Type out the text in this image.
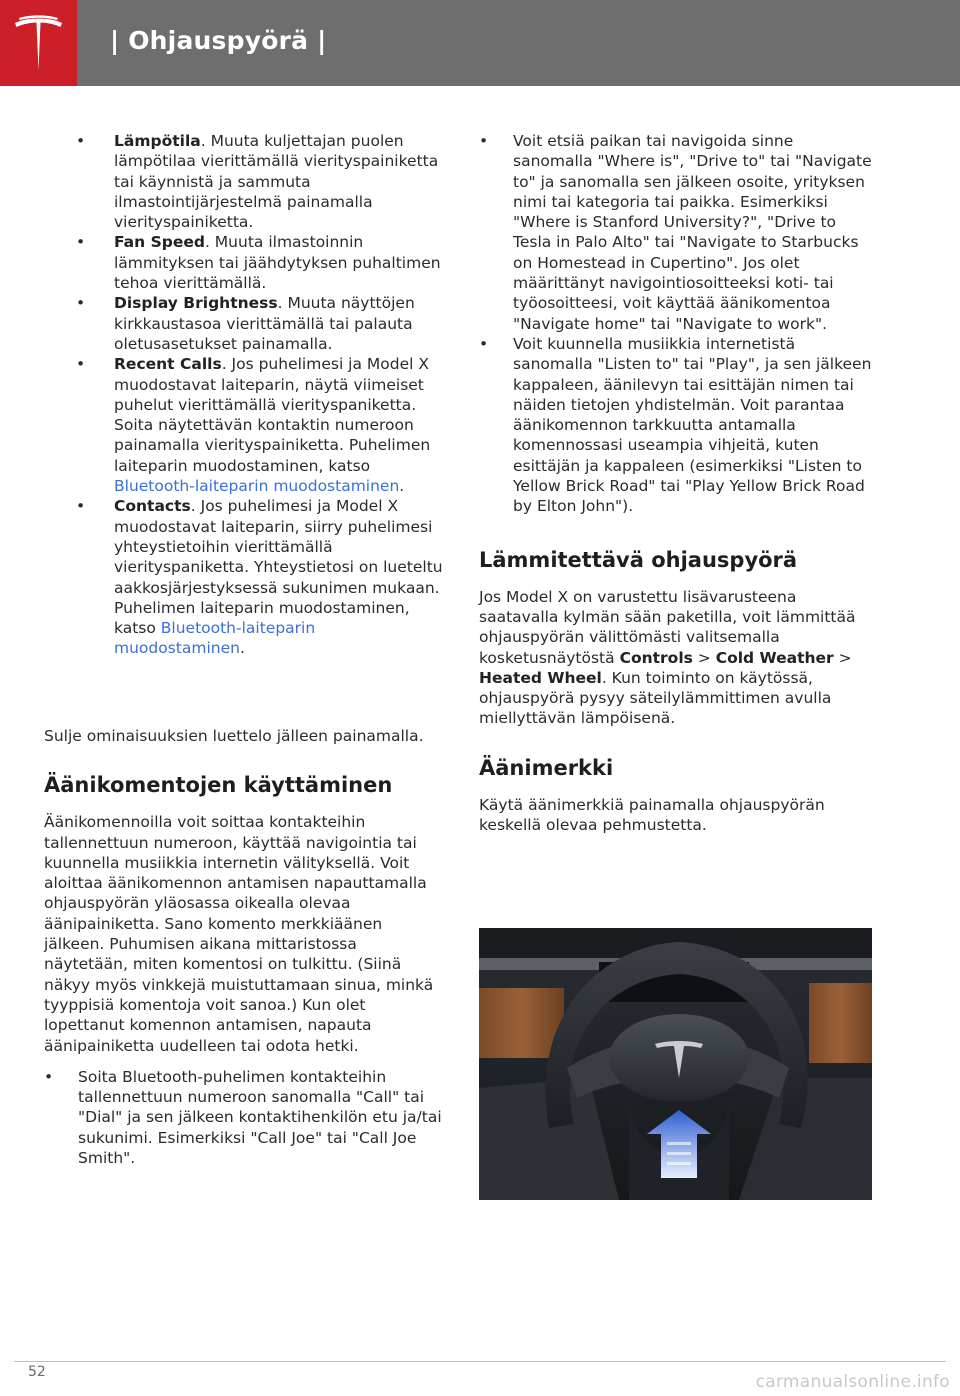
| Ohjauspyörä |

• Lämpötila. Muuta kuljettajan puolen lämpötilaa vierittämällä vierityspainiketta tai käynnistä ja sammuta ilmastointijärjestelmä painamalla vierityspainiketta.

• Fan Speed. Muuta ilmastoinnin lämmityksen tai jäähdytyksen puhaltimen tehoa vierittämällä.

• Display Brightness. Muuta näyttöjen kirkkaustasoa vierittämällä tai palauta oletusasetukset painamalla.

• Recent Calls. Jos puhelimesi ja Model X muodostavat laiteparin, näytä viimeiset puhelut vierittämällä vierityspaniketta. Soita näytettävän kontaktin numeroon painamalla vierityspainiketta. Puhelimen laiteparin muodostaminen, katso Bluetooth-laiteparin muodostaminen.

• Contacts. Jos puhelimesi ja Model X muodostavat laiteparin, siirry puhelimesi yhteystietoihin vierittämällä vierityspaniketta. Yhteystietosi on lueteltu aakkosjärjestyksessä sukunimen mukaan. Puhelimen laiteparin muodostaminen, katso Bluetooth-laiteparin muodostaminen.

Sulje ominaisuuksien luettelo jälleen painamalla.

Äänikomentojen käyttäminen

Äänikomennoilla voit soittaa kontakteihin tallennettuun numeroon, käyttää navigointia tai kuunnella musiikkia internetin välityksellä. Voit aloittaa äänikomennon antamisen napauttamalla ohjauspyörän yläosassa oikealla olevaa äänipainiketta. Sano komento merkkiäänen jälkeen. Puhumisen aikana mittaristossa näytetään, miten komentosi on tulkittu. (Siinä näkyy myös vinkkejä muistuttamaan sinua, minkä tyyppisiä komentoja voit sanoa.) Kun olet lopettanut komennon antamisen, napauta äänipainiketta uudelleen tai odota hetki.

• Soita Bluetooth-puhelimen kontakteihin tallennettuun numeroon sanomalla "Call" tai "Dial" ja sen jälkeen kontaktihenkilön etu ja/tai sukunimi. Esimerkiksi "Call Joe" tai "Call Joe Smith".

• Voit etsiä paikan tai navigoida sinne sanomalla "Where is", "Drive to" tai "Navigate to" ja sanomalla sen jälkeen osoite, yrityksen nimi tai kategoria tai paikka. Esimerkiksi "Where is Stanford University?", "Drive to Tesla in Palo Alto" tai "Navigate to Starbucks on Homestead in Cupertino". Jos olet määrittänyt navigointiosoitteeksi koti- tai työosoitteesi, voit käyttää äänikomentoa "Navigate home" tai "Navigate to work".

• Voit kuunnella musiikkia internetistä sanomalla "Listen to" tai "Play", ja sen jälkeen kappaleen, äänilevyn tai esittäjän nimen tai näiden tietojen yhdistelmän. Voit parantaa äänikomennon tarkkuutta antamalla komennossasi useampia vihjeitä, kuten esittäjän ja kappaleen (esimerkiksi "Listen to Yellow Brick Road" tai "Play Yellow Brick Road by Elton John").

Lämmitettävä ohjauspyörä

Jos Model X on varustettu lisävarusteena saatavalla kylmän sään paketilla, voit lämmittää ohjauspyörän välittömästi valitsemalla kosketusnäytöstä Controls > Cold Weather > Heated Wheel. Kun toiminto on käytössä, ohjauspyörä pysyy säteilylämmittimen avulla miellyttävän lämpöisenä.

Äänimerkki

Käytä äänimerkkiä painamalla ohjauspyörän keskellä olevaa pehmustetta.

52	carmanualsonline.info
